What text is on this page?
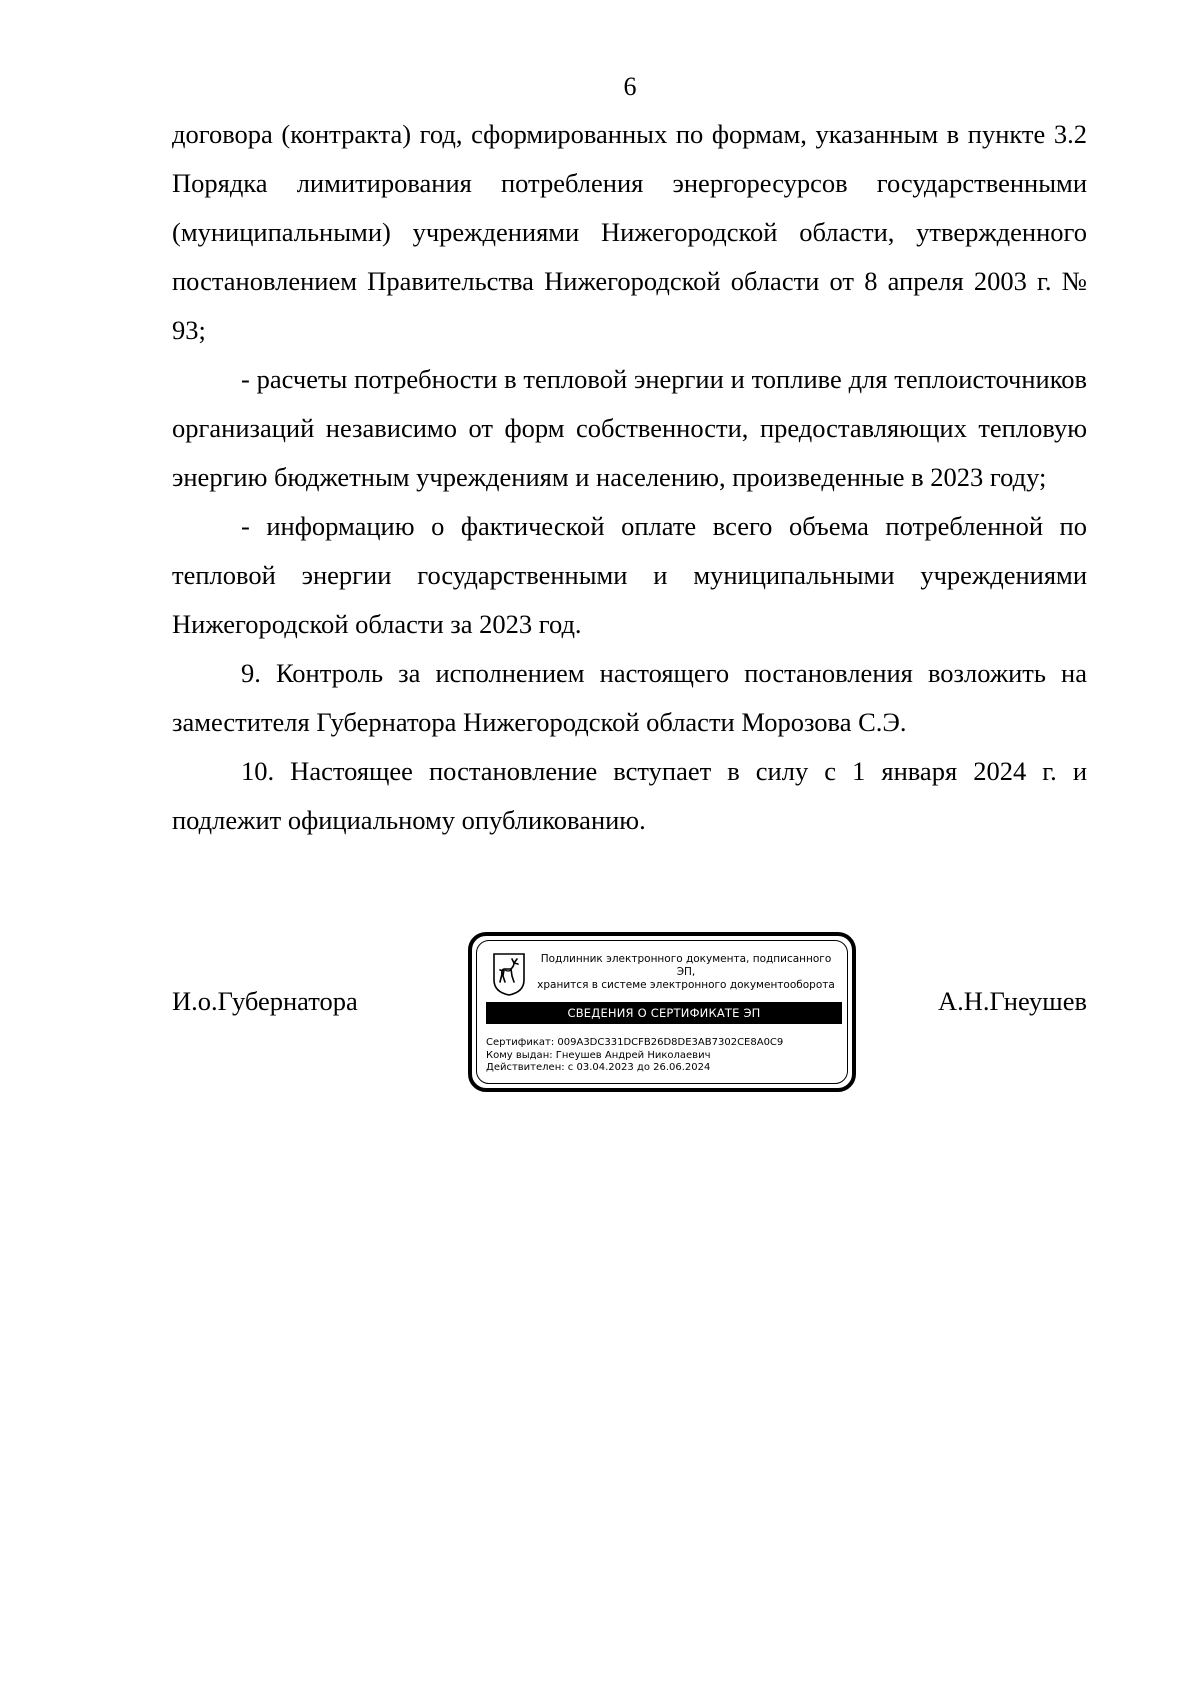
6

договора (контракта) год, сформированных по формам, указанным в пункте 3.2 Порядка лимитирования потребления энергоресурсов государственными (муниципальными) учреждениями Нижегородской области, утвержденного постановлением Правительства Нижегородской области от 8 апреля 2003 г. № 93;

- расчеты потребности в тепловой энергии и топливе для теплоисточников организаций независимо от форм собственности, предоставляющих тепловую энергию бюджетным учреждениям и населению, произведенные в 2023 году;

- информацию о фактической оплате всего объема потребленной по тепловой энергии государственными и муниципальными учреждениями Нижегородской области за 2023 год.

9. Контроль за исполнением настоящего постановления возложить на заместителя Губернатора Нижегородской области Морозова С.Э.

10. Настоящее постановление вступает в силу с 1 января 2024 г. и подлежит официальному опубликованию.

И.о.Губернатора
Подлинник электронного документа, подписанного ЭП,
хранится в системе электронного документооборота
СВЕДЕНИЯ О СЕРТИФИКАТЕ ЭП
Сертификат: 009A3DC331DCFB26D8DE3AB7302CE8A0C9
Кому выдан: Гнеушев Андрей Николаевич
Действителен: с 03.04.2023 до 26.06.2024
А.Н.Гнеушев
